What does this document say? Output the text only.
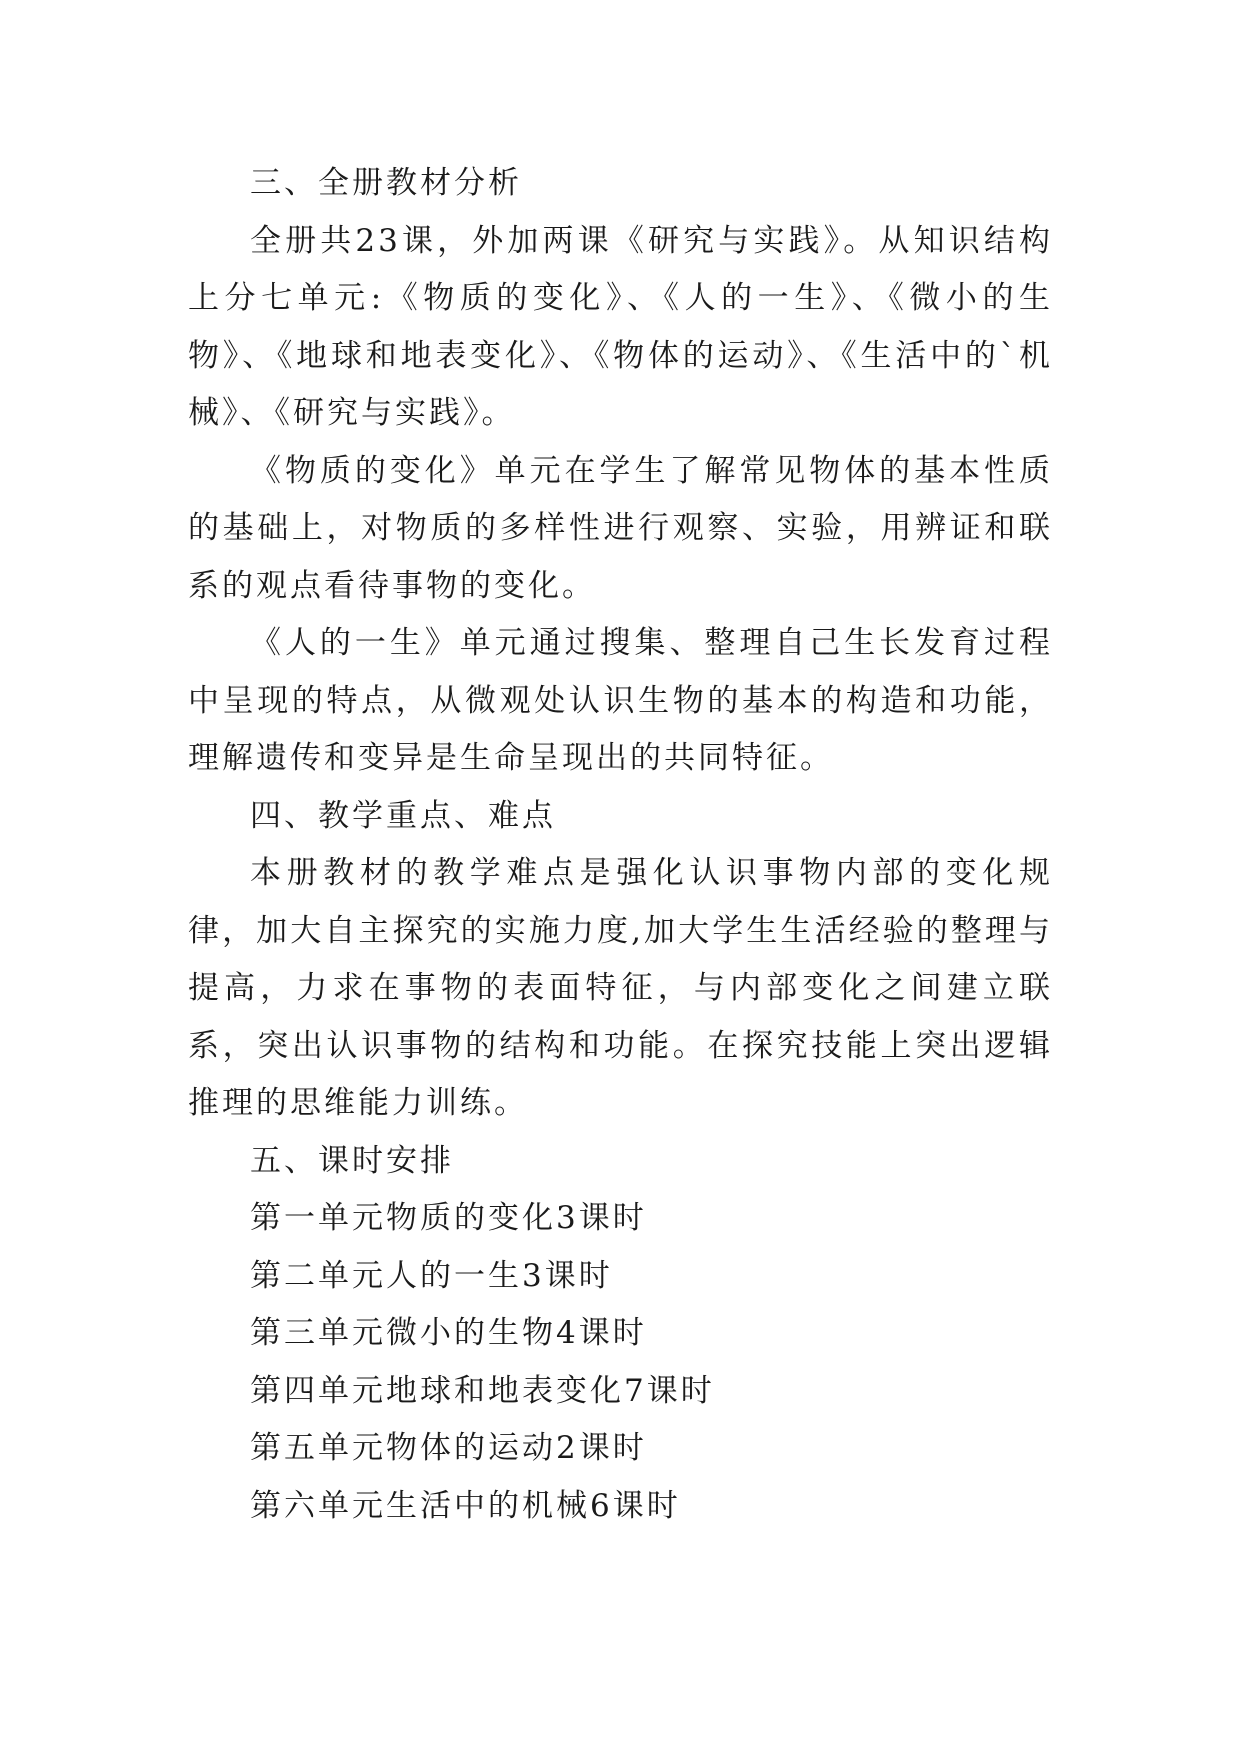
三、全册教材分析

全册共23课，外加两课《研究与实践》。从知识结构上分七单元:《物质的变化》、《人的一生》、《微小的生物》、《地球和地表变化》、《物体的运动》、《生活中的`机械》、《研究与实践》。

《物质的变化》单元在学生了解常见物体的基本性质的基础上，对物质的多样性进行观察、实验，用辨证和联系的观点看待事物的变化。

《人的一生》单元通过搜集、整理自己生长发育过程中呈现的特点，从微观处认识生物的基本的构造和功能，理解遗传和变异是生命呈现出的共同特征。

四、教学重点、难点

本册教材的教学难点是强化认识事物内部的变化规律，加大自主探究的实施力度,加大学生生活经验的整理与提高，力求在事物的表面特征，与内部变化之间建立联系，突出认识事物的结构和功能。在探究技能上突出逻辑推理的思维能力训练。

五、课时安排

第一单元物质的变化3课时

第二单元人的一生3课时

第三单元微小的生物4课时

第四单元地球和地表变化7课时

第五单元物体的运动2课时

第六单元生活中的机械6课时
